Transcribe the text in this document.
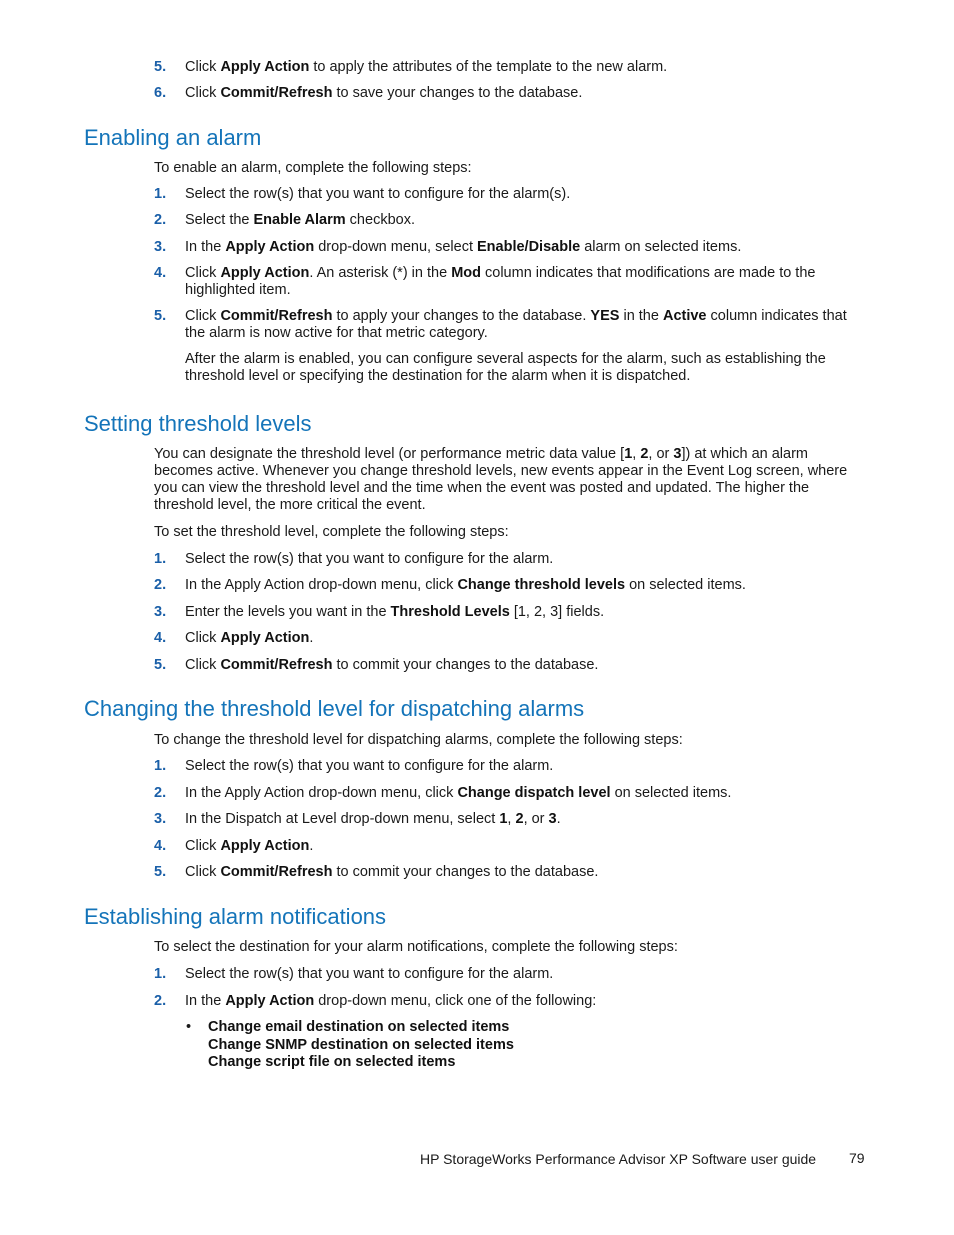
5. Click Apply Action to apply the attributes of the template to the new alarm.
6. Click Commit/Refresh to save your changes to the database.
Enabling an alarm
To enable an alarm, complete the following steps:
1. Select the row(s) that you want to configure for the alarm(s).
2. Select the Enable Alarm checkbox.
3. In the Apply Action drop-down menu, select Enable/Disable alarm on selected items.
4. Click Apply Action. An asterisk (*) in the Mod column indicates that modifications are made to the highlighted item.
5. Click Commit/Refresh to apply your changes to the database. YES in the Active column indicates that the alarm is now active for that metric category.
After the alarm is enabled, you can configure several aspects for the alarm, such as establishing the threshold level or specifying the destination for the alarm when it is dispatched.
Setting threshold levels
You can designate the threshold level (or performance metric data value [1, 2, or 3]) at which an alarm becomes active. Whenever you change threshold levels, new events appear in the Event Log screen, where you can view the threshold level and the time when the event was posted and updated. The higher the threshold level, the more critical the event.
To set the threshold level, complete the following steps:
1. Select the row(s) that you want to configure for the alarm.
2. In the Apply Action drop-down menu, click Change threshold levels on selected items.
3. Enter the levels you want in the Threshold Levels [1, 2, 3] fields.
4. Click Apply Action.
5. Click Commit/Refresh to commit your changes to the database.
Changing the threshold level for dispatching alarms
To change the threshold level for dispatching alarms, complete the following steps:
1. Select the row(s) that you want to configure for the alarm.
2. In the Apply Action drop-down menu, click Change dispatch level on selected items.
3. In the Dispatch at Level drop-down menu, select 1, 2, or 3.
4. Click Apply Action.
5. Click Commit/Refresh to commit your changes to the database.
Establishing alarm notifications
To select the destination for your alarm notifications, complete the following steps:
1. Select the row(s) that you want to configure for the alarm.
2. In the Apply Action drop-down menu, click one of the following:
• Change email destination on selected items
Change SNMP destination on selected items
Change script file on selected items
HP StorageWorks Performance Advisor XP Software user guide 79
